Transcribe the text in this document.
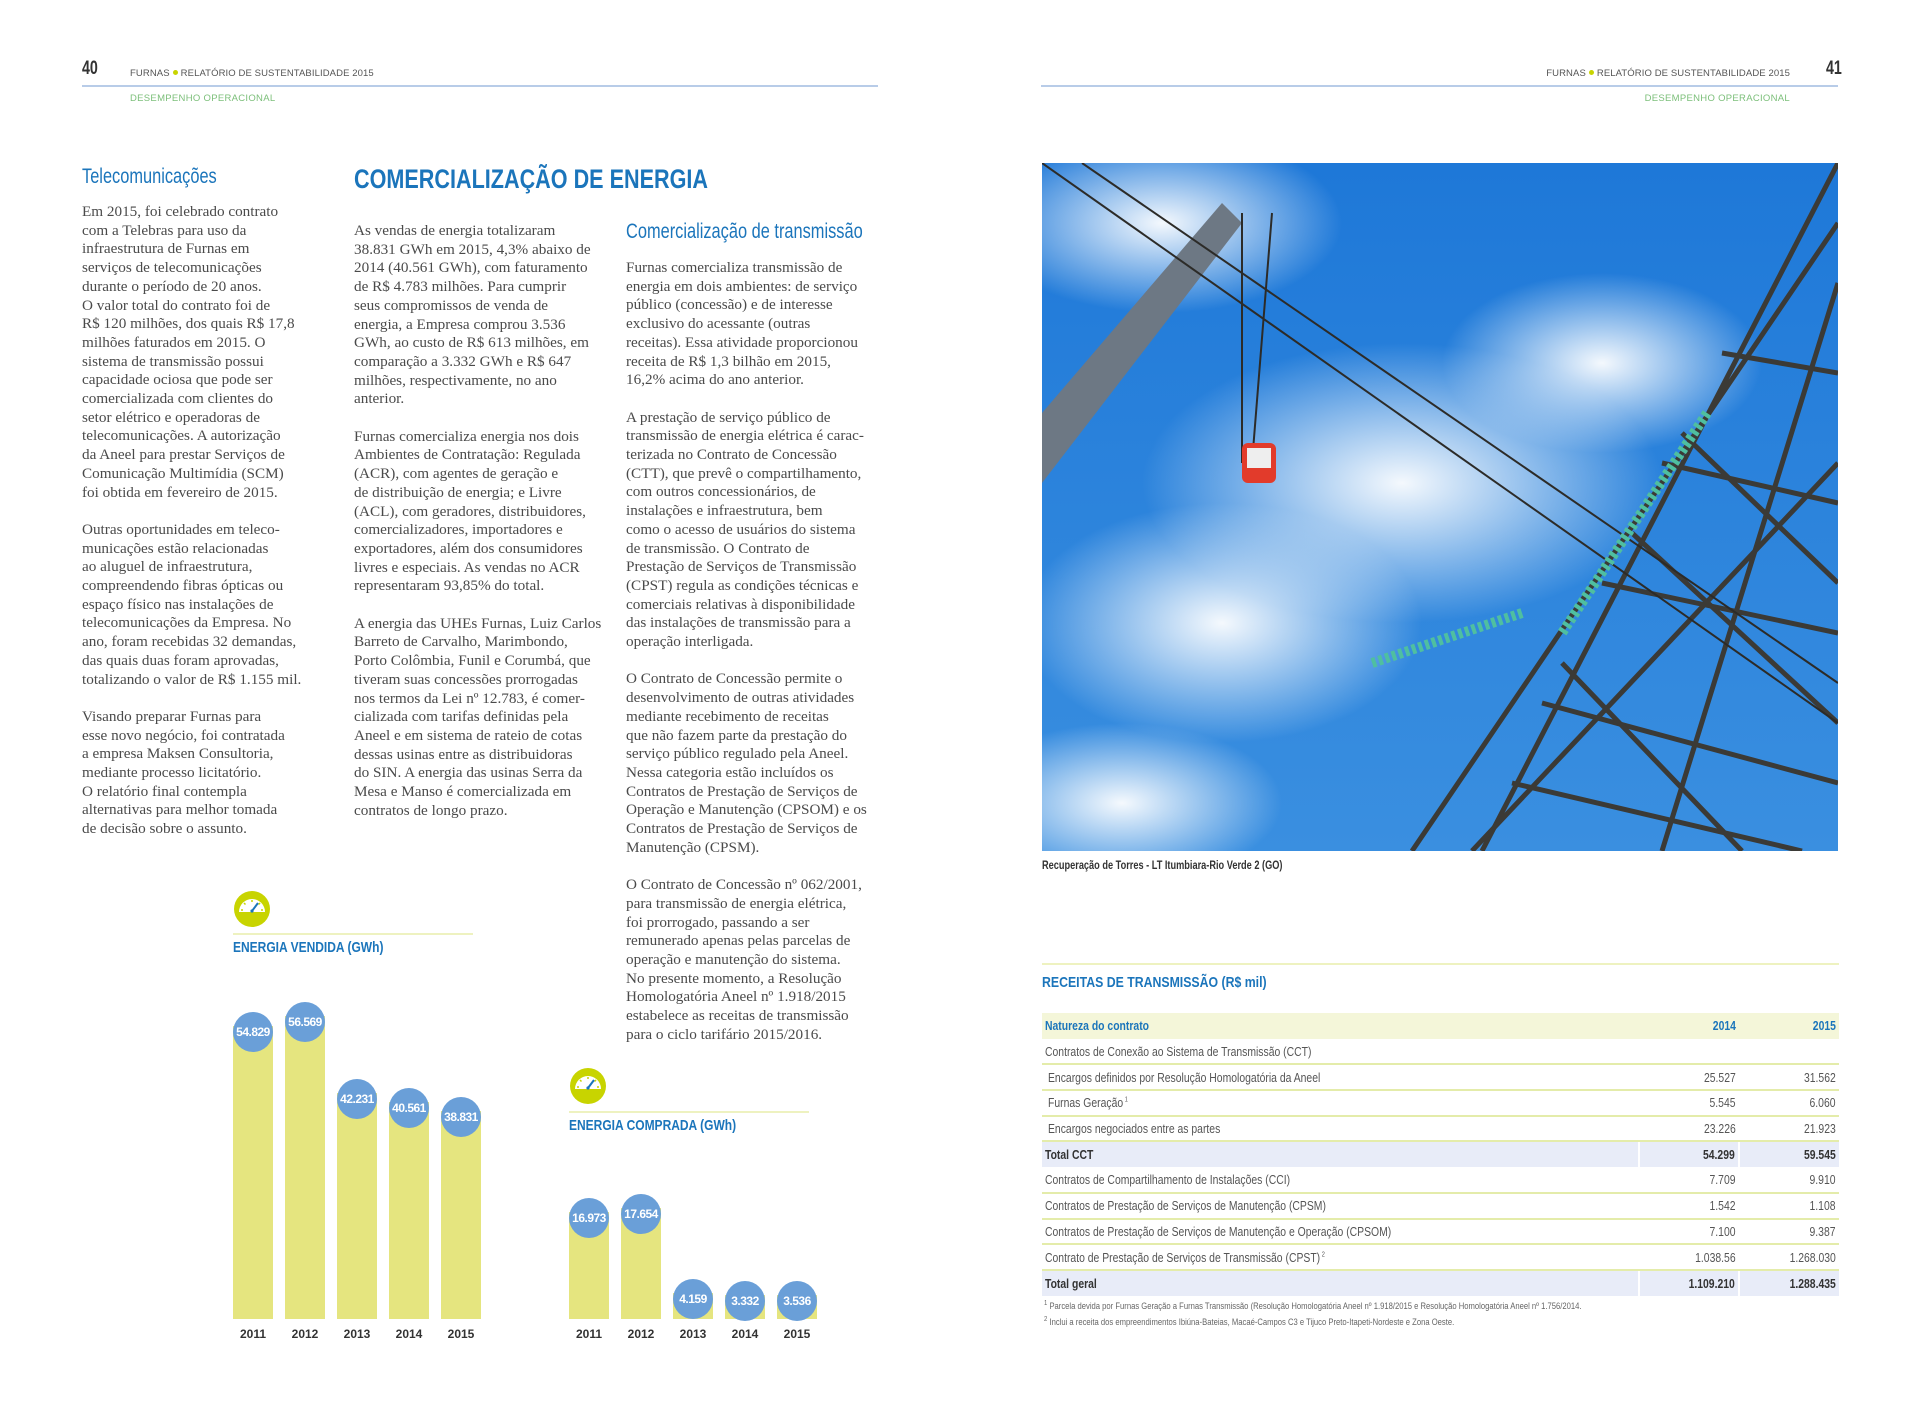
40	FURNAS RELATÓRIO DE SUSTENTABILIDADE 2015
DESEMPENHO OPERACIONAL
FURNAS RELATÓRIO DE SUSTENTABILIDADE 2015 41
DESEMPENHO OPERACIONAL
Telecomunicações
Em 2015, foi celebrado contrato
com a Telebras para uso da
infraestrutura de Furnas em
serviços de telecomunicações
durante o período de 20 anos.
O valor total do contrato foi de
R$ 120 milhões, dos quais R$ 17,8
milhões faturados em 2015. O
sistema de transmissão possui
capacidade ociosa que pode ser
comercializada com clientes do
setor elétrico e operadoras de
telecomunicações. A autorização
da Aneel para prestar Serviços de
Comunicação Multimídia (SCM)
foi obtida em fevereiro de 2015.
Outras oportunidades em teleco-
municações estão relacionadas
ao aluguel de infraestrutura,
compreendendo fibras ópticas ou
espaço físico nas instalações de
telecomunicações da Empresa. No
ano, foram recebidas 32 demandas,
das quais duas foram aprovadas,
totalizando o valor de R$ 1.155 mil.
Visando preparar Furnas para
esse novo negócio, foi contratada
a empresa Maksen Consultoria,
mediante processo licitatório.
O relatório final contempla
alternativas para melhor tomada
de decisão sobre o assunto.
COMERCIALIZAÇÃO DE ENERGIA
As vendas de energia totalizaram
38.831 GWh em 2015, 4,3% abaixo de
2014 (40.561 GWh), com faturamento
de R$ 4.783 milhões. Para cumprir
seus compromissos de venda de
energia, a Empresa comprou 3.536
GWh, ao custo de R$ 613 milhões, em
comparação a 3.332 GWh e R$ 647
milhões, respectivamente, no ano
anterior.
Furnas comercializa energia nos dois
Ambientes de Contratação: Regulada
(ACR), com agentes de geração e
de distribuição de energia; e Livre
(ACL), com geradores, distribuidores,
comercializadores, importadores e
exportadores, além dos consumidores
livres e especiais. As vendas no ACR
representaram 93,85% do total.
A energia das UHEs Furnas, Luiz Carlos
Barreto de Carvalho, Marimbondo,
Porto Colômbia, Funil e Corumbá, que
tiveram suas concessões prorrogadas
nos termos da Lei nº 12.783, é comer-
cializada com tarifas definidas pela
Aneel e em sistema de rateio de cotas
dessas usinas entre as distribuidoras
do SIN. A energia das usinas Serra da
Mesa e Manso é comercializada em
contratos de longo prazo.
Comercialização de transmissão
Furnas comercializa transmissão de
energia em dois ambientes: de serviço
público (concessão) e de interesse
exclusivo do acessante (outras
receitas). Essa atividade proporcionou
receita de R$ 1,3 bilhão em 2015,
16,2% acima do ano anterior.
A prestação de serviço público de
transmissão de energia elétrica é carac-
terizada no Contrato de Concessão
(CTT), que prevê o compartilhamento,
com outros concessionários, de
instalações e infraestrutura, bem
como o acesso de usuários do sistema
de transmissão. O Contrato de
Prestação de Serviços de Transmissão
(CPST) regula as condições técnicas e
comerciais relativas à disponibilidade
das instalações de transmissão para a
operação interligada.
O Contrato de Concessão permite o
desenvolvimento de outras atividades
mediante recebimento de receitas
que não fazem parte da prestação do
serviço público regulado pela Aneel.
Nessa categoria estão incluídos os
Contratos de Prestação de Serviços de
Operação e Manutenção (CPSOM) e os
Contratos de Prestação de Serviços de
Manutenção (CPSM).
O Contrato de Concessão nº 062/2001,
para transmissão de energia elétrica,
foi prorrogado, passando a ser
remunerado apenas pelas parcelas de
operação e manutenção do sistema.
No presente momento, a Resolução
Homologatória Aneel nº 1.918/2015
estabelece as receitas de transmissão
para o ciclo tarifário 2015/2016.
ENERGIA VENDIDA (GWh)
54.829
2011
56.569
2012
42.231
2013
40.561
2014
38.831
2015
ENERGIA COMPRADA (GWh)
16.973
2011
17.654
2012
4.159
2013
3.332
2014
3.536
2015
Recuperação de Torres - LT Itumbiara-Rio Verde 2 (GO)
RECEITAS DE TRANSMISSÃO (R$ mil)
Natureza do contrato	2014	2015
Contratos de Conexão ao Sistema de Transmissão (CCT)		
Encargos definidos por Resolução Homologatória da Aneel	25.527	31.562
Furnas Geração $^1$	5.545	6.060
Encargos negociados entre as partes	23.226	21.923
Total CCT	54.299	59.545
Contratos de Compartilhamento de Instalações (CCI)	7.709	9.910
Contratos de Prestação de Serviços de Manutenção (CPSM)	1.542	1.108
Contratos de Prestação de Serviços de Manutenção e Operação (CPSOM)	7.100	9.387
Contrato de Prestação de Serviços de Transmissão (CPST) $^2$	1.038.56	1.268.030
Total geral	1.109.210	1.288.435
$^1$ Parcela devida por Furnas Geração a Furnas Transmissão (Resolução Homologatória Aneel nº 1.918/2015 e Resolução Homologatória Aneel nº 1.756/2014.
$^2$ Inclui a receita dos empreendimentos Ibiúna-Bateias, Macaé-Campos C3 e Tijuco Preto-Itapeti-Nordeste e Zona Oeste.
